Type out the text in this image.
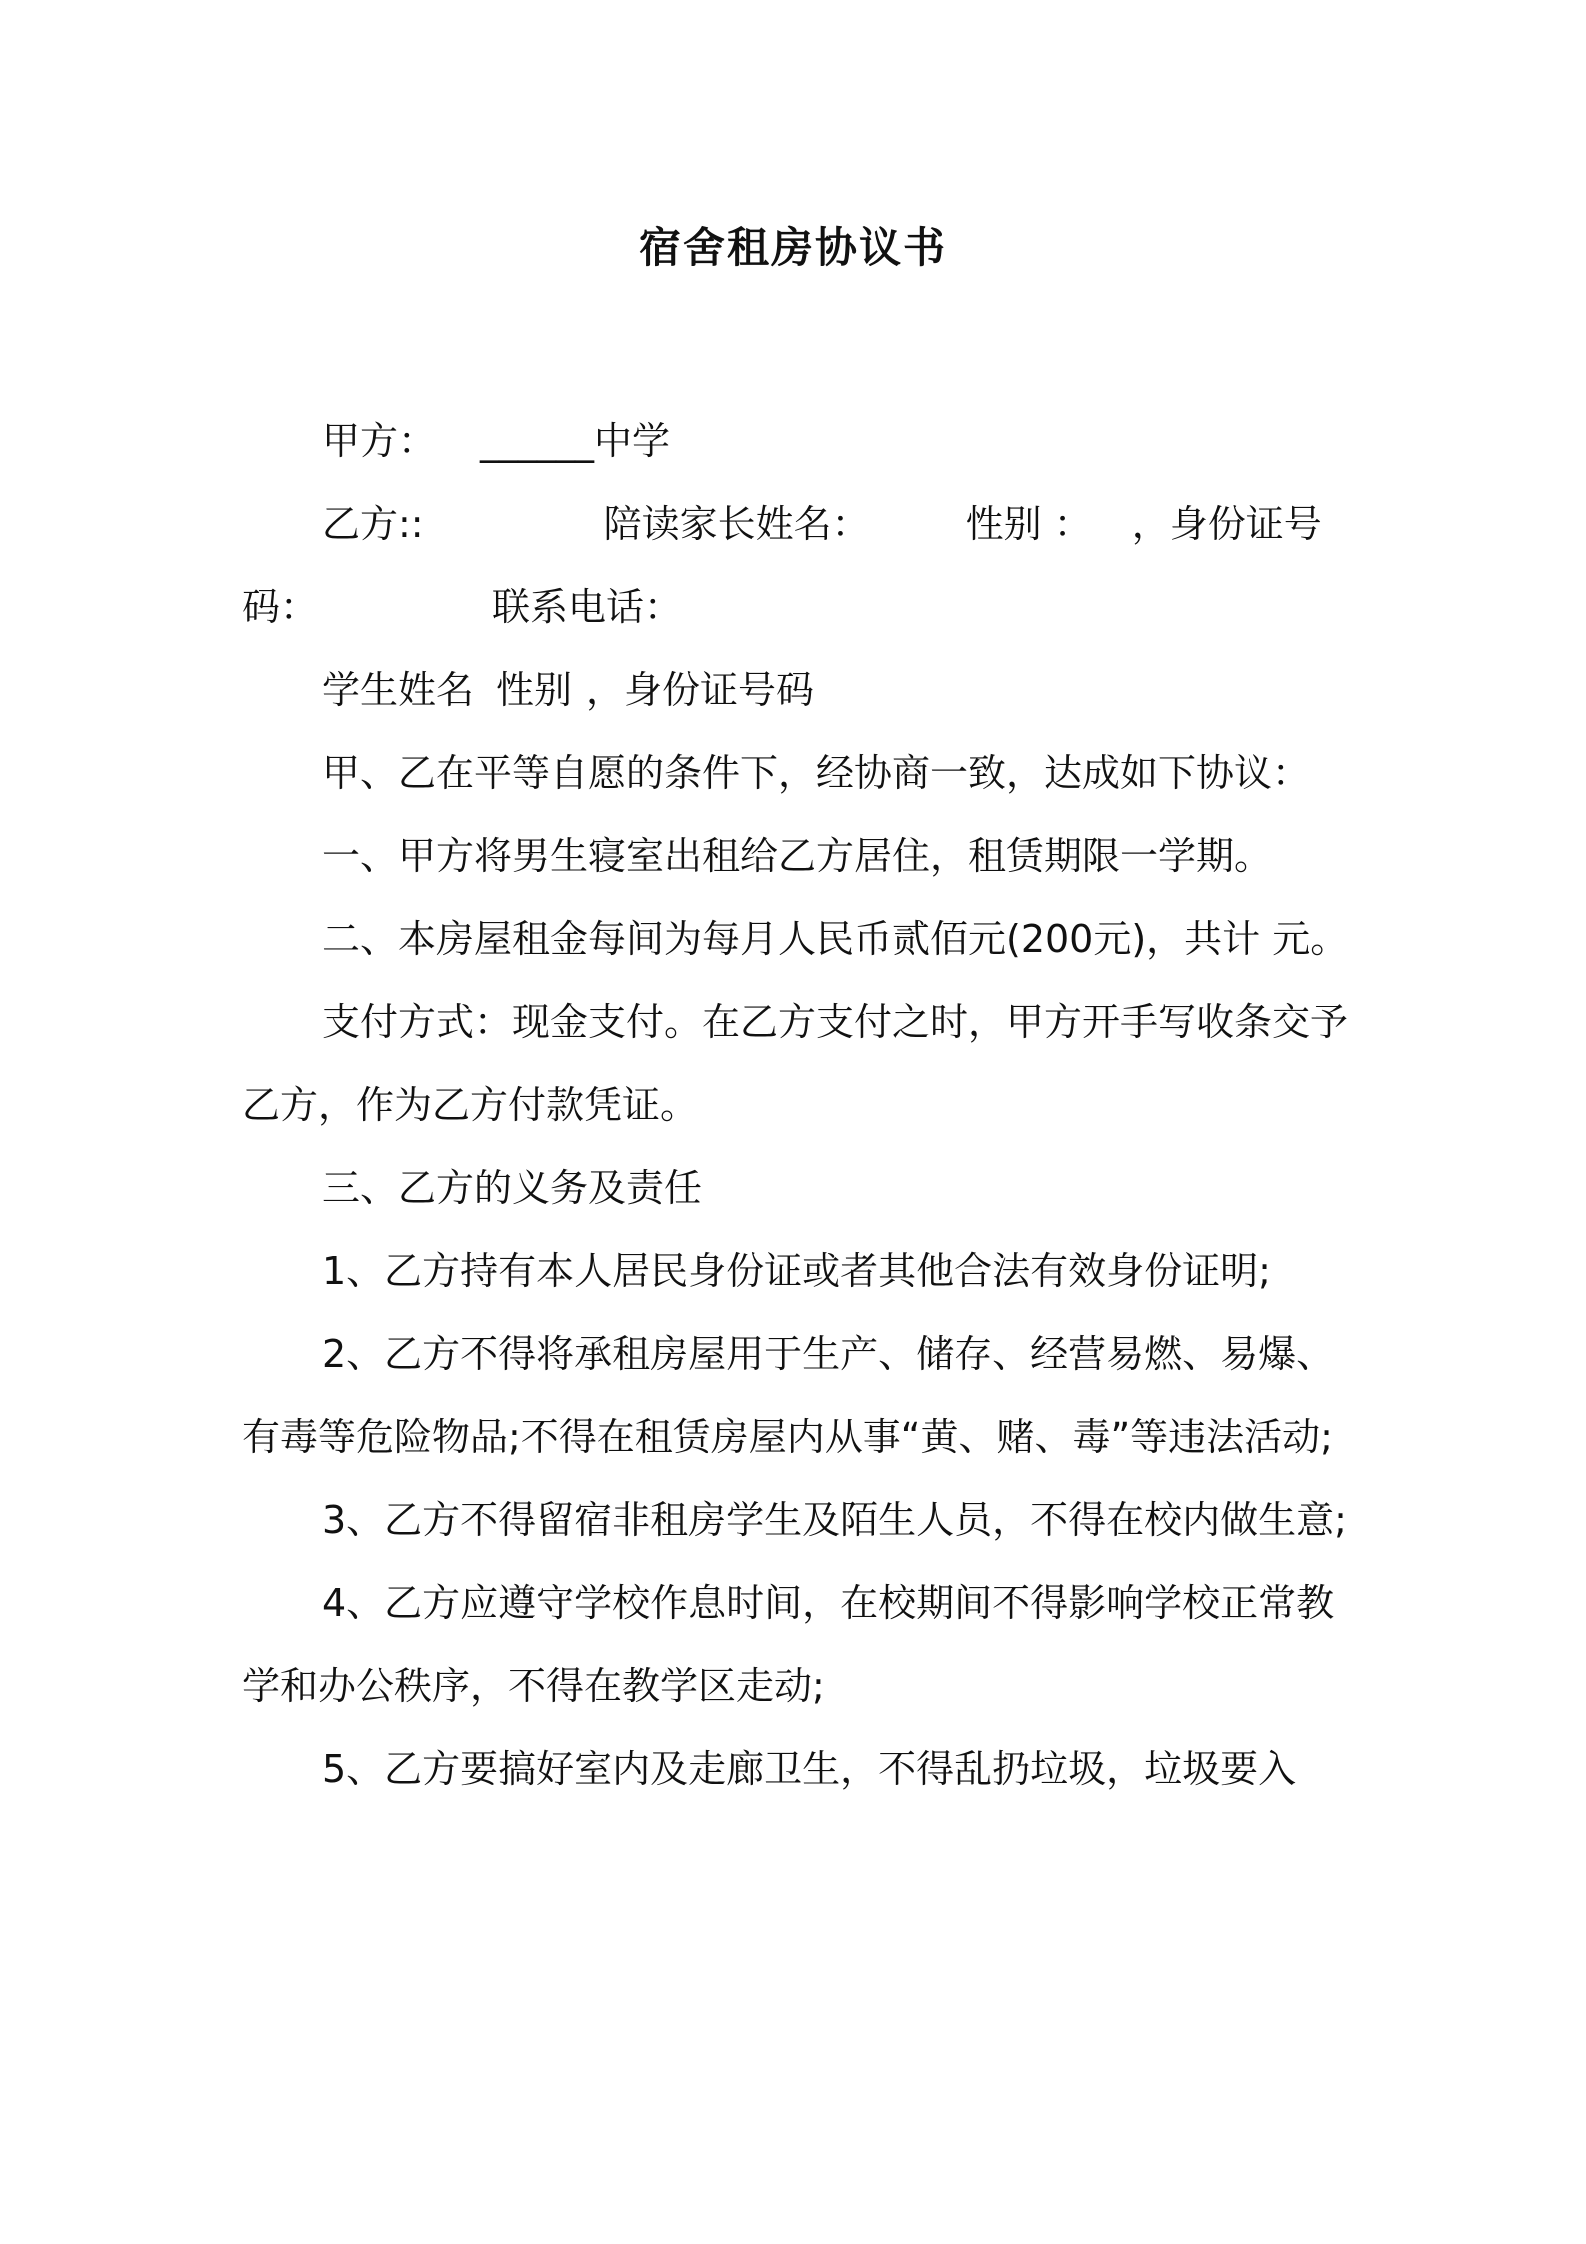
宿舍租房协议书

甲方： ______中学

乙方::	陪读家长姓名：	性别 ： ，身份证号码：	联系电话：

学生姓名 性别 ，身份证号码

甲、乙在平等自愿的条件下，经协商一致，达成如下协议：

一、甲方将男生寝室出租给乙方居住，租赁期限一学期。

二、本房屋租金每间为每月人民币贰佰元(200元)，共计 元。

支付方式：现金支付。在乙方支付之时，甲方开手写收条交予乙方，作为乙方付款凭证。

三、乙方的义务及责任

1、乙方持有本人居民身份证或者其他合法有效身份证明;

2、乙方不得将承租房屋用于生产、储存、经营易燃、易爆、有毒等危险物品;不得在租赁房屋内从事“黄、赌、毒”等违法活动;

3、乙方不得留宿非租房学生及陌生人员，不得在校内做生意;

4、乙方应遵守学校作息时间，在校期间不得影响学校正常教学和办公秩序，不得在教学区走动;

5、乙方要搞好室内及走廊卫生，不得乱扔垃圾，垃圾要入
